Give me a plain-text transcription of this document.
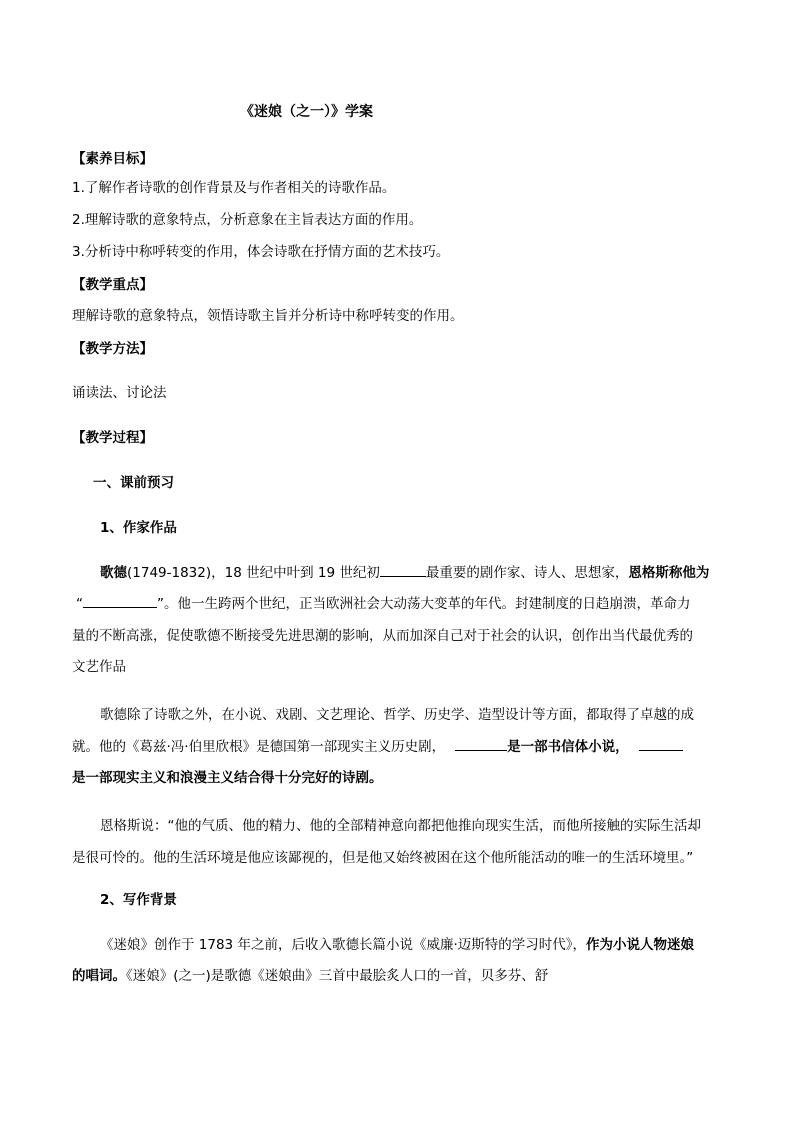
《迷娘（之一）》学案
【素养目标】
1.了解作者诗歌的创作背景及与作者相关的诗歌作品。
2.理解诗歌的意象特点，分析意象在主旨表达方面的作用。
3.分析诗中称呼转变的作用，体会诗歌在抒情方面的艺术技巧。
【教学重点】
理解诗歌的意象特点，领悟诗歌主旨并分析诗中称呼转变的作用。
【教学方法】
诵读法、讨论法
【教学过程】
一、课前预习
1、作家作品
歌德(1749-1832)，18 世纪中叶到 19 世纪初	最重要的剧作家、诗人、思想家，恩格斯称他为
“	”。他一生跨两个世纪，正当欧洲社会大动荡大变革的年代。封建制度的日趋崩溃，革命力
量的不断高涨，促使歌德不断接受先进思潮的影响，从而加深自己对于社会的认识，创作出当代最优秀的
文艺作品
歌德除了诗歌之外，在小说、戏剧、文艺理论、哲学、历史学、造型设计等方面，都取得了卓越的成
就。他的《葛兹·冯·伯里欣根》是德国第一部现实主义历史剧，	是一部书信体小说，
是一部现实主义和浪漫主义结合得十分完好的诗剧。
恩格斯说：“他的气质、他的精力、他的全部精神意向都把他推向现实生活，而他所接触的实际生活却
是很可怜的。他的生活环境是他应该鄙视的，但是他又始终被困在这个他所能活动的唯一的生活环境里。”
2、写作背景
《迷娘》创作于 1783 年之前，后收入歌德长篇小说《威廉·迈斯特的学习时代》，作为小说人物迷娘
的唱词。《迷娘》(之一)是歌德《迷娘曲》三首中最脍炙人口的一首，贝多芬、舒
